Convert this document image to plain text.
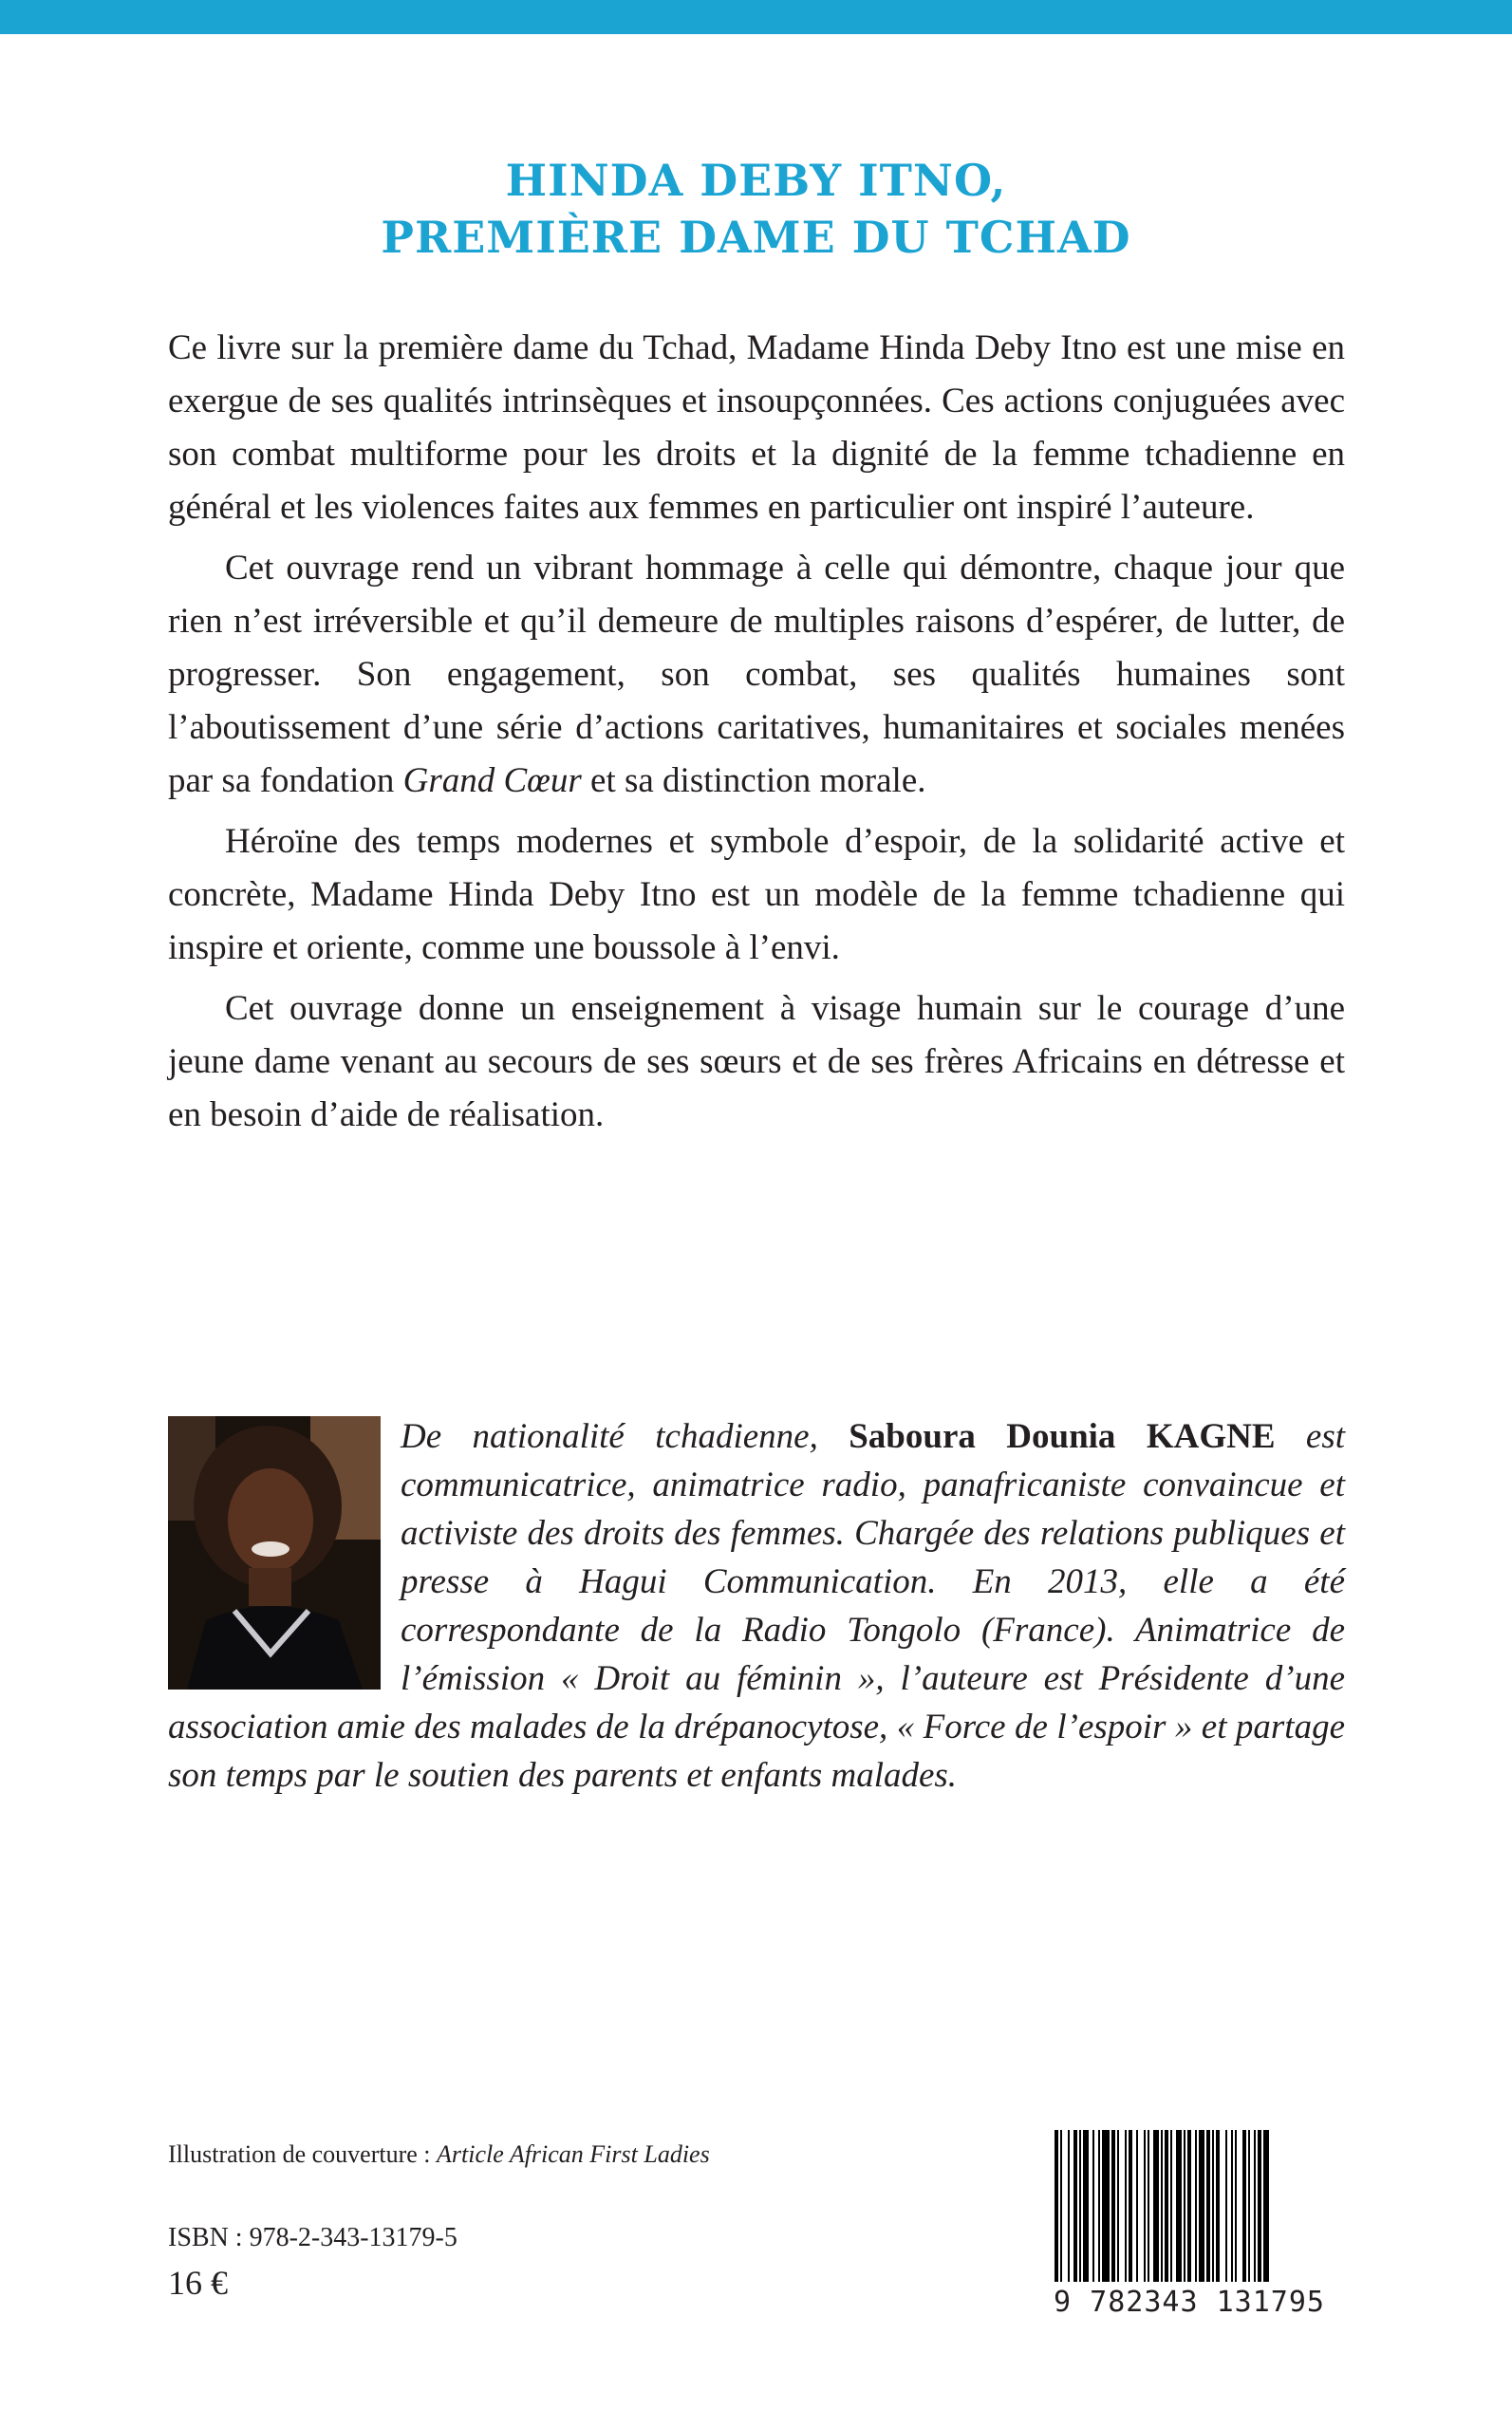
HINDA DEBY ITNO,
PREMIÈRE DAME DU TCHAD

Ce livre sur la première dame du Tchad, Madame Hinda Deby Itno est une mise en exergue de ses qualités intrinsèques et insoupçonnées. Ces actions conjuguées avec son combat multiforme pour les droits et la dignité de la femme tchadienne en général et les violences faites aux femmes en particulier ont inspiré l’auteure.

Cet ouvrage rend un vibrant hommage à celle qui démontre, chaque jour que rien n’est irréversible et qu’il demeure de multiples raisons d’espérer, de lutter, de progresser. Son engagement, son combat, ses qualités humaines sont l’aboutissement d’une série d’actions caritatives, humanitaires et sociales menées par sa fondation Grand Cœur et sa distinction morale.

Héroïne des temps modernes et symbole d’espoir, de la solidarité active et concrète, Madame Hinda Deby Itno est un modèle de la femme tchadienne qui inspire et oriente, comme une boussole à l’envi.

Cet ouvrage donne un enseignement à visage humain sur le courage d’une jeune dame venant au secours de ses sœurs et de ses frères Africains en détresse et en besoin d’aide de réalisation.

De nationalité tchadienne, Saboura Dounia KAGNE est communicatrice, animatrice radio, panafricaniste convaincue et activiste des droits des femmes. Chargée des relations publiques et presse à Hagui Communication. En 2013, elle a été correspondante de la Radio Tongolo (France). Animatrice de l’émission « Droit au féminin », l’auteure est Présidente d’une association amie des malades de la drépanocytose, « Force de l’espoir » et partage son temps par le soutien des parents et enfants malades.
Illustration de couverture : Article African First Ladies
ISBN : 978-2-343-13179-5
16 €
9 782343 131795
